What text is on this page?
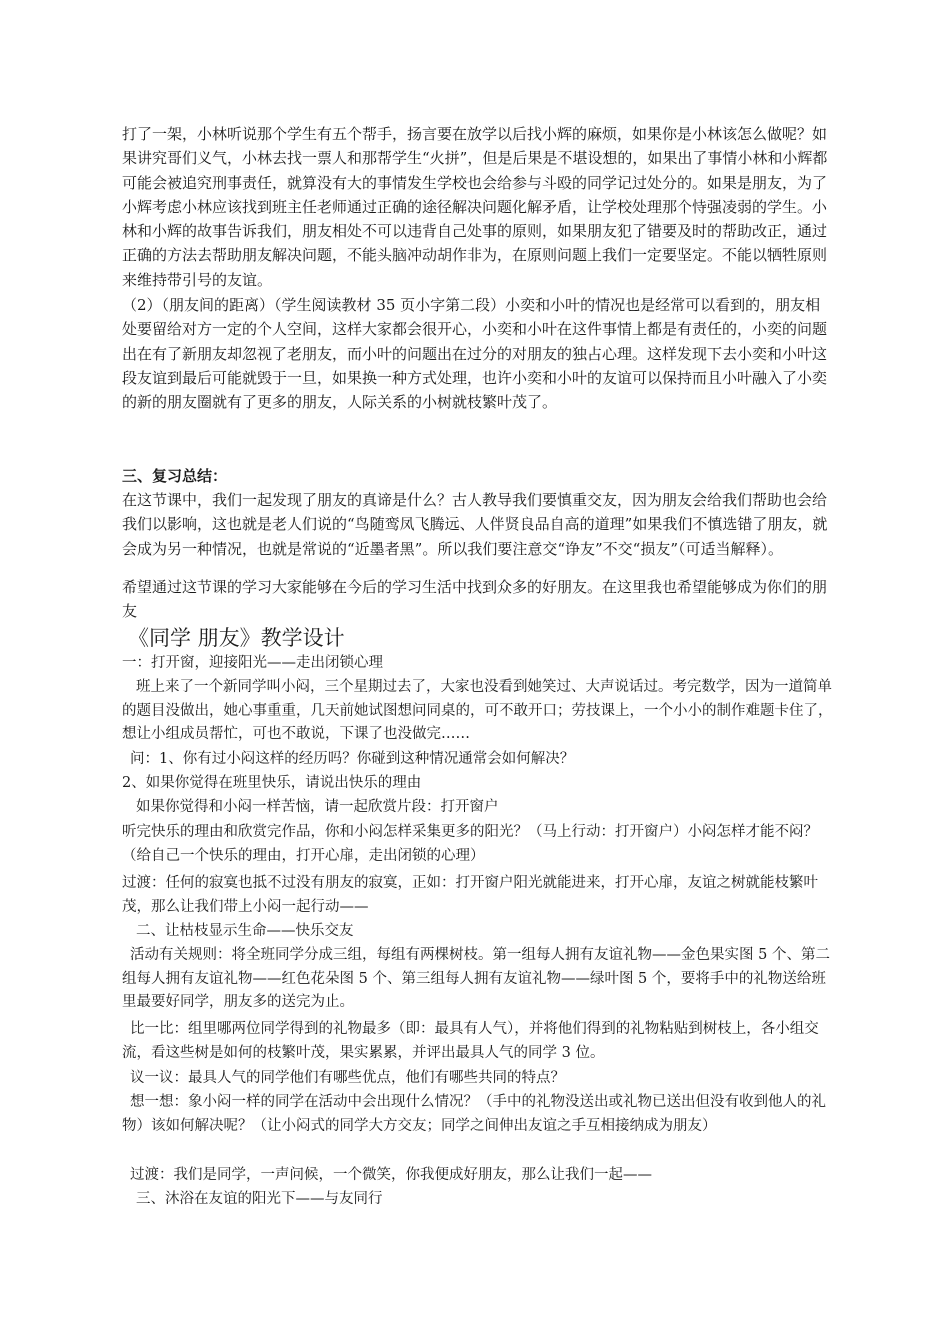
打了一架，小林听说那个学生有五个帮手，扬言要在放学以后找小辉的麻烦，如果你是小林该怎么做呢？如果讲究哥们义气，小林去找一票人和那帮学生“火拼”，但是后果是不堪设想的，如果出了事情小林和小辉都可能会被追究刑事责任，就算没有大的事情发生学校也会给参与斗殴的同学记过处分的。如果是朋友，为了小辉考虑小林应该找到班主任老师通过正确的途径解决问题化解矛盾，让学校处理那个恃强凌弱的学生。小林和小辉的故事告诉我们，朋友相处不可以违背自己处事的原则，如果朋友犯了错要及时的帮助改正，通过正确的方法去帮助朋友解决问题，不能头脑冲动胡作非为，在原则问题上我们一定要坚定。不能以牺牲原则来维持带引号的友谊。

（2）（朋友间的距离）（学生阅读教材 35 页小字第二段）小奕和小叶的情况也是经常可以看到的，朋友相处要留给对方一定的个人空间，这样大家都会很开心，小奕和小叶在这件事情上都是有责任的，小奕的问题出在有了新朋友却忽视了老朋友，而小叶的问题出在过分的对朋友的独占心理。这样发现下去小奕和小叶这段友谊到最后可能就毁于一旦，如果换一种方式处理，也许小奕和小叶的友谊可以保持而且小叶融入了小奕的新的朋友圈就有了更多的朋友，人际关系的小树就枝繁叶茂了。

三、复习总结：

在这节课中，我们一起发现了朋友的真谛是什么？古人教导我们要慎重交友，因为朋友会给我们帮助也会给我们以影响，这也就是老人们说的“鸟随鸾凤飞腾远、人伴贤良品自高的道理”如果我们不慎选错了朋友，就会成为另一种情况，也就是常说的“近墨者黑”。所以我们要注意交“诤友”不交“损友”（可适当解释）。

希望通过这节课的学习大家能够在今后的学习生活中找到众多的好朋友。在这里我也希望能够成为你们的朋友

《同学 朋友》教学设计

一：打开窗，迎接阳光——走出闭锁心理

班上来了一个新同学叫小闷，三个星期过去了，大家也没看到她笑过、大声说话过。考完数学，因为一道简单的题目没做出，她心事重重，几天前她试图想问同桌的，可不敢开口；劳技课上，一个小小的制作难题卡住了，想让小组成员帮忙，可也不敢说，下课了也没做完……

问：1、你有过小闷这样的经历吗？你碰到这种情况通常会如何解决？

2、如果你觉得在班里快乐，请说出快乐的理由

如果你觉得和小闷一样苦恼，请一起欣赏片段：打开窗户

听完快乐的理由和欣赏完作品，你和小闷怎样采集更多的阳光？（马上行动：打开窗户）小闷怎样才能不闷？（给自己一个快乐的理由，打开心扉，走出闭锁的心理）

过渡：任何的寂寞也抵不过没有朋友的寂寞，正如：打开窗户阳光就能进来，打开心扉，友谊之树就能枝繁叶茂，那么让我们带上小闷一起行动——

二、让枯枝显示生命——快乐交友

活动有关规则：将全班同学分成三组，每组有两棵树枝。第一组每人拥有友谊礼物——金色果实图 5 个、第二组每人拥有友谊礼物——红色花朵图 5 个、第三组每人拥有友谊礼物——绿叶图 5 个，要将手中的礼物送给班里最要好同学，朋友多的送完为止。

比一比：组里哪两位同学得到的礼物最多（即：最具有人气），并将他们得到的礼物粘贴到树枝上，各小组交流，看这些树是如何的枝繁叶茂，果实累累，并评出最具人气的同学 3 位。

议一议：最具人气的同学他们有哪些优点，他们有哪些共同的特点？

想一想：象小闷一样的同学在活动中会出现什么情况？（手中的礼物没送出或礼物已送出但没有收到他人的礼物）该如何解决呢？（让小闷式的同学大方交友；同学之间伸出友谊之手互相接纳成为朋友）

过渡：我们是同学，一声问候，一个微笑，你我便成好朋友，那么让我们一起——

三、沐浴在友谊的阳光下——与友同行
